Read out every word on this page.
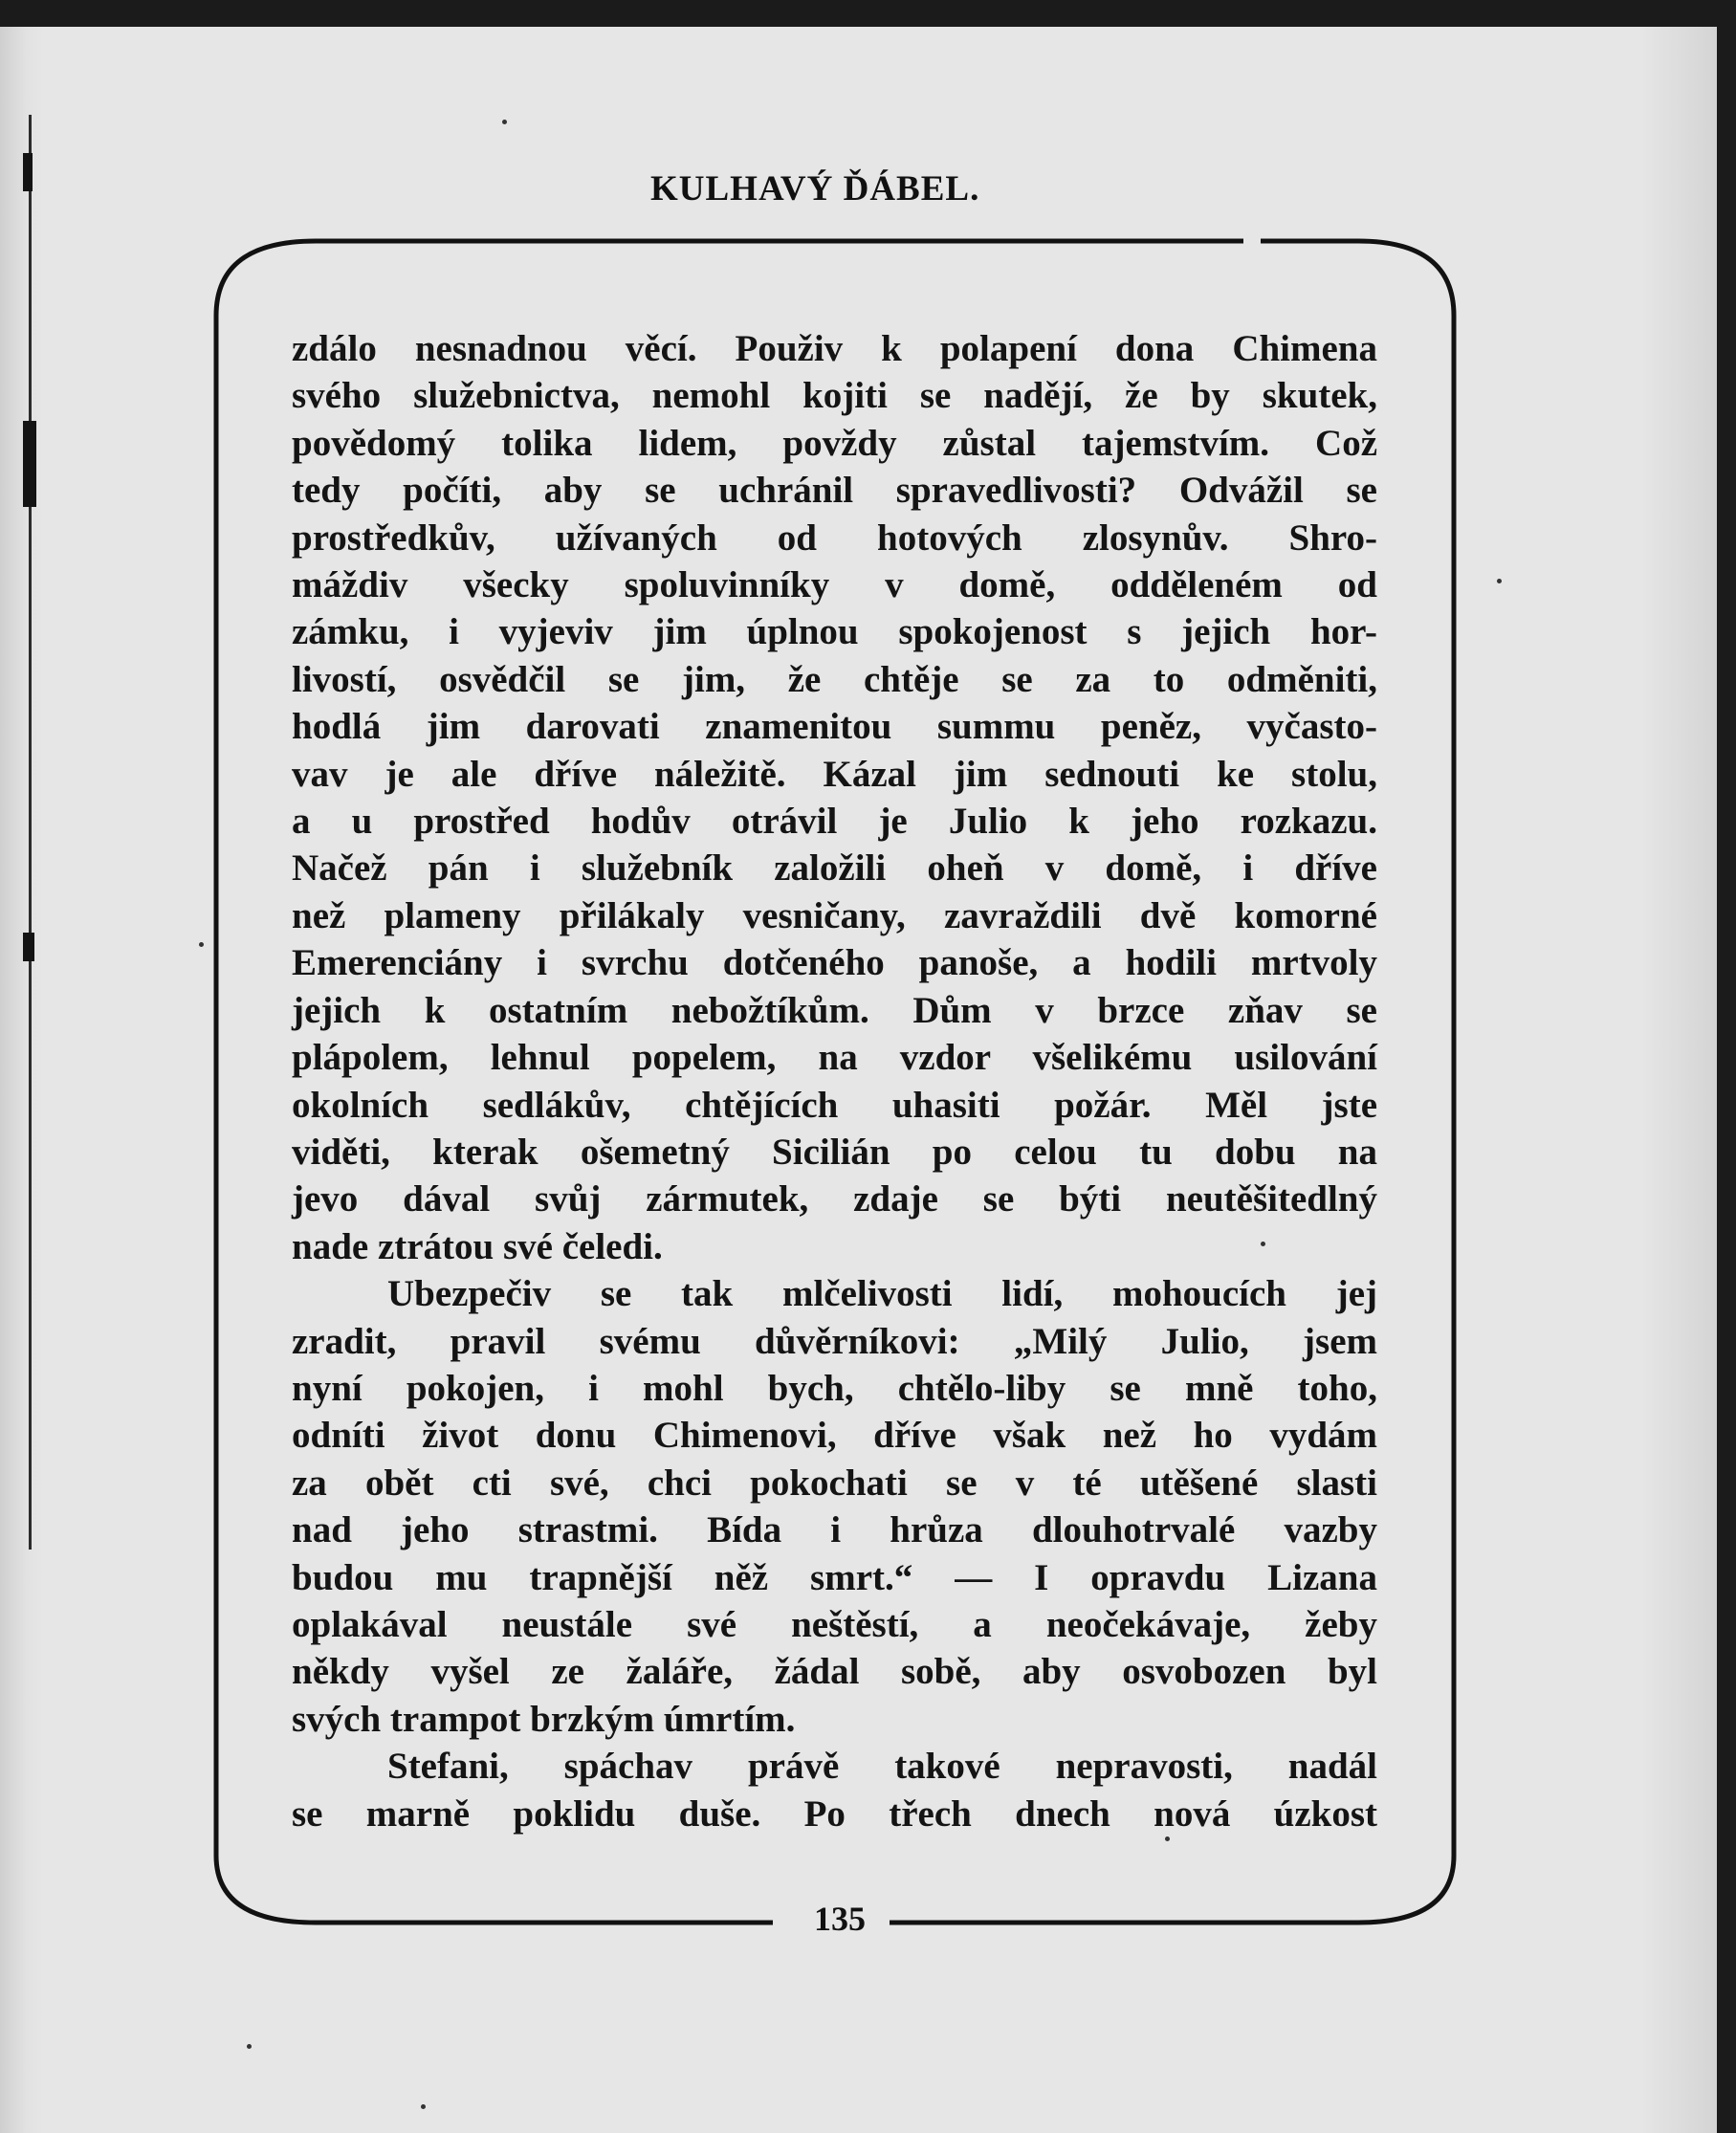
KULHAVÝ ĎÁBEL.

zdálo nesnadnou věcí. Použiv k polapení dona Chimena

svého služebnictva, nemohl kojiti se nadějí, že by skutek,

povědomý tolika lidem, povždy zůstal tajemstvím. Což

tedy počíti, aby se uchránil spravedlivosti? Odvážil se

prostředkův, užívaných od hotových zlosynův. Shro-

máždiv všecky spoluvinníky v domě, odděleném od

zámku, i vyjeviv jim úplnou spokojenost s jejich hor-

livostí, osvědčil se jim, že chtěje se za to odměniti,

hodlá jim darovati znamenitou summu peněz, vyčasto-

vav je ale dříve náležitě. Kázal jim sednouti ke stolu,

a u prostřed hodův otrávil je Julio k jeho rozkazu.

Načež pán i služebník založili oheň v domě, i dříve

než plameny přilákaly vesničany, zavraždili dvě komorné

Emerenciány i svrchu dotčeného panoše, a hodili mrtvoly

jejich k ostatním nebožtíkům. Dům v brzce zňav se

plápolem, lehnul popelem, na vzdor všelikému usilování

okolních sedlákův, chtějících uhasiti požár. Měl jste

viděti, kterak ošemetný Sicilián po celou tu dobu na

jevo dával svůj zármutek, zdaje se býti neutěšitedlný

nade ztrátou své čeledi.

Ubezpečiv se tak mlčelivosti lidí, mohoucích jej

zradit, pravil svému důvěrníkovi: „Milý Julio, jsem

nyní pokojen, i mohl bych, chtělo-liby se mně toho,

odníti život donu Chimenovi, dříve však než ho vydám

za obět cti své, chci pokochati se v té utěšené slasti

nad jeho strastmi. Bída i hrůza dlouhotrvalé vazby

budou mu trapnější něž smrt.“ — I opravdu Lizana

oplakával neustále své neštěstí, a neočekávaje, žeby

někdy vyšel ze žaláře, žádal sobě, aby osvobozen byl

svých trampot brzkým úmrtím.

Stefani, spáchav právě takové nepravosti, nadál

se marně poklidu duše. Po třech dnech nová úzkost

135
